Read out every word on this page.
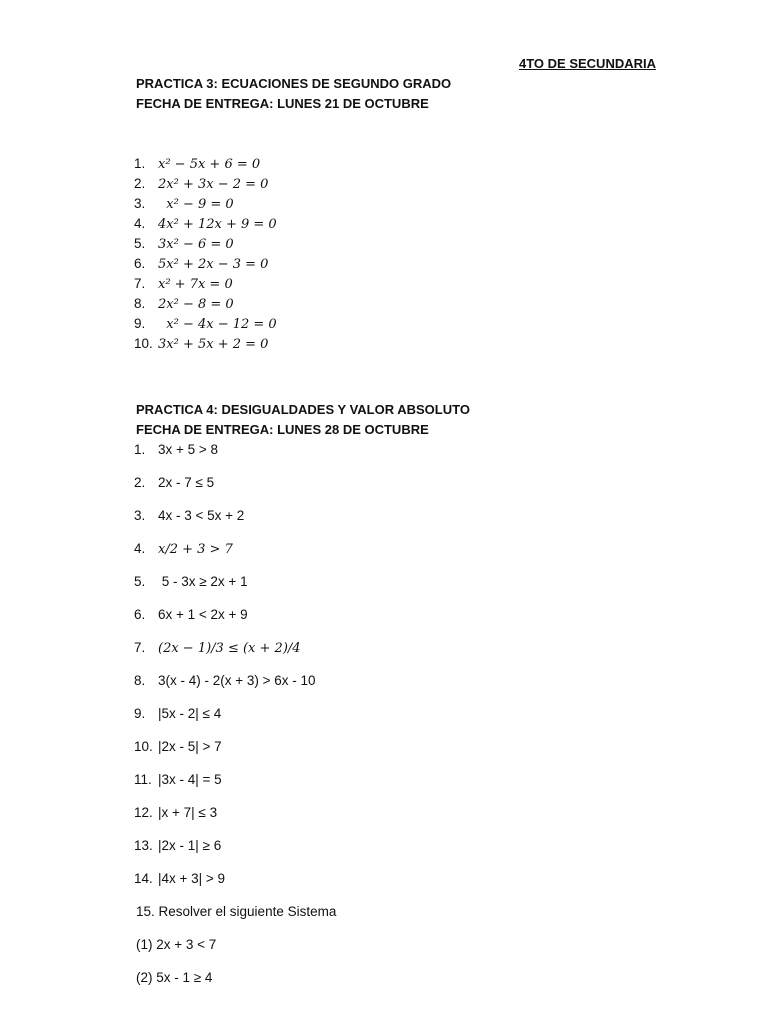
4TO DE SECUNDARIA
PRACTICA 3: ECUACIONES DE SEGUNDO GRADO
FECHA DE ENTREGA: LUNES 21 DE OCTUBRE
1. x² − 5x + 6 = 0
2. 2x² + 3x − 2 = 0
3.  x² − 9 = 0
4. 4x² + 12x + 9 = 0
5. 3x² − 6 = 0
6. 5x² + 2x − 3 = 0
7. x² + 7x = 0
8. 2x² − 8 = 0
9.  x² − 4x − 12 = 0
10. 3x² + 5x + 2 = 0
PRACTICA 4: DESIGUALDADES Y VALOR ABSOLUTO
FECHA DE ENTREGA: LUNES 28 DE OCTUBRE
1. 3x + 5 > 8
2. 2x - 7 ≤ 5
3. 4x - 3 < 5x + 2
4. x/2 + 3 > 7
5. 5 - 3x ≥ 2x + 1
6. 6x + 1 < 2x + 9
7. (2x − 1)/3 ≤ (x + 2)/4
8. 3(x - 4) - 2(x + 3) > 6x - 10
9. |5x - 2| ≤ 4
10. |2x - 5| > 7
11. |3x - 4| = 5
12. |x + 7| ≤ 3
13. |2x - 1| ≥ 6
14. |4x + 3| > 9
15. Resolver el siguiente Sistema
(1) 2x + 3 < 7
(2) 5x - 1 ≥ 4
